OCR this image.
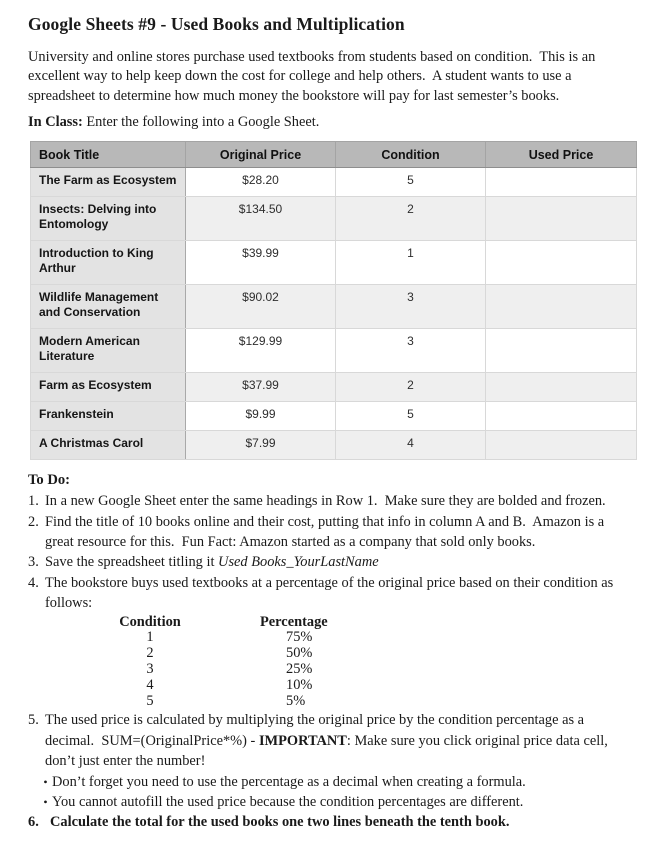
Google Sheets #9 - Used Books and Multiplication

University and online stores purchase used textbooks from students based on condition.  This is an excellent way to help keep down the cost for college and help others.  A student wants to use a spreadsheet to determine how much money the bookstore will pay for last semester’s books.

In Class: Enter the following into a Google Sheet.

Book Title	Original Price	Condition	Used Price
The Farm as Ecosystem	$28.20	5	
Insects: Delving into Entomology	$134.50	2	
Introduction to King Arthur	$39.99	1	
Wildlife Management and Conservation	$90.02	3	
Modern American Literature	$129.99	3	
Farm as Ecosystem	$37.99	2	
Frankenstein	$9.99	5	
A Christmas Carol	$7.99	4	
To Do:
1. In a new Google Sheet enter the same headings in Row 1.  Make sure they are bolded and frozen.
2. Find the title of 10 books online and their cost, putting that info in column A and B.  Amazon is a great resource for this.  Fun Fact: Amazon started as a company that sold only books.
3. Save the spreadsheet titling it Used Books_YourLastName
4. The bookstore buys used textbooks at a percentage of the original price based on their condition as follows:
Condition	Percentage
1	75%
2	50%
3	25%
4	10%
5	5%
5. The used price is calculated by multiplying the original price by the condition percentage as a decimal.  SUM=(OriginalPrice*%) - IMPORTANT: Make sure you click original price data cell, don’t just enter the number!
• Don’t forget you need to use the percentage as a decimal when creating a formula.
• You cannot autofill the used price because the condition percentages are different.
6. Calculate the total for the used books one two lines beneath the tenth book.
